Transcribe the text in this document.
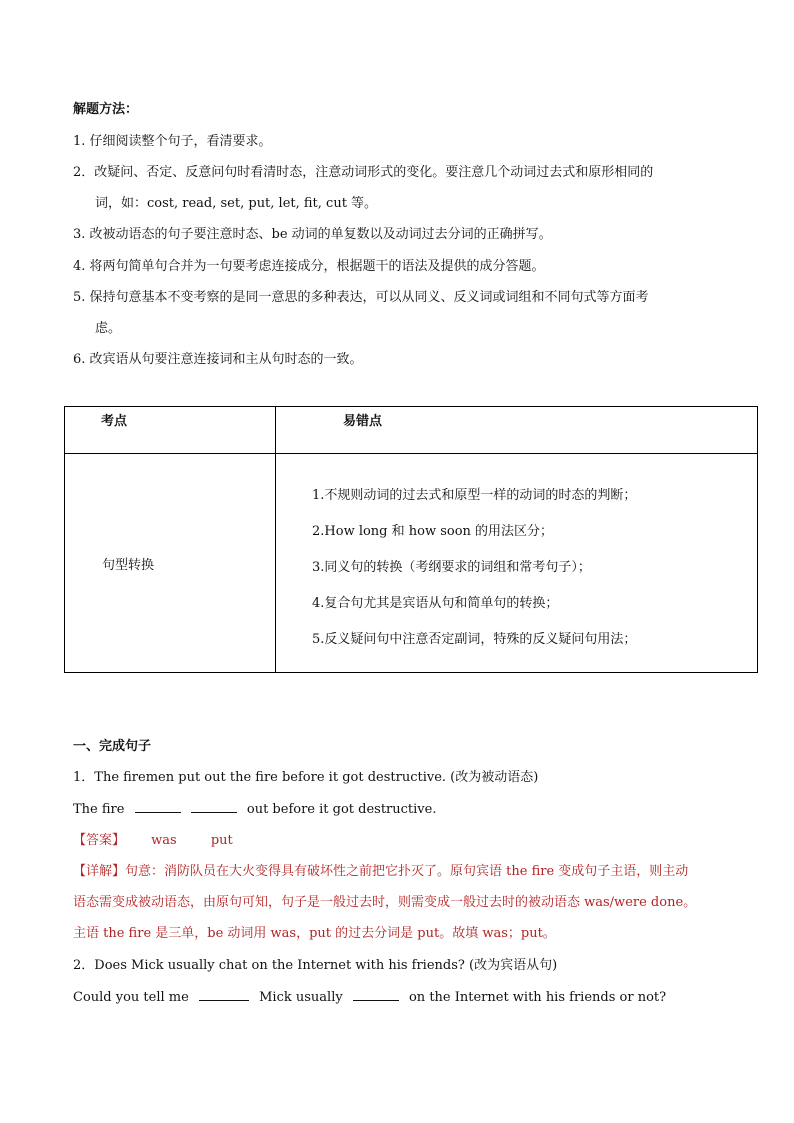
解题方法：
1. 仔细阅读整个句子，看清要求。
2．改疑问、否定、反意问句时看清时态，注意动词形式的变化。要注意几个动词过去式和原形相同的
词，如：cost, read, set, put, let, fit, cut 等。
3. 改被动语态的句子要注意时态、be 动词的单复数以及动词过去分词的正确拼写。
4. 将两句简单句合并为一句要考虑连接成分，根据题干的语法及提供的成分答题。
5. 保持句意基本不变考察的是同一意思的多种表达，可以从同义、反义词或词组和不同句式等方面考
虑。
6. 改宾语从句要注意连接词和主从句时态的一致。
考点	易错点

句型转换	1.不规则动词的过去式和原型一样的动词的时态的判断；
2.How long 和 how soon 的用法区分；
3.同义句的转换（考纲要求的词组和常考句子）；
4.复合句尤其是宾语从句和简单句的转换；
5.反义疑问句中注意否定副词，特殊的反义疑问句用法；
一、完成句子
1．The firemen put out the fire before it got destructive. (改为被动语态)
The fire	out before it got destructive.
【答案】 was	put
【详解】句意：消防队员在大火变得具有破坏性之前把它扑灭了。原句宾语 the fire 变成句子主语，则主动
语态需变成被动语态，由原句可知，句子是一般过去时，则需变成一般过去时的被动语态 was/were done。
主语 the fire 是三单，be 动词用 was，put 的过去分词是 put。故填 was；put。
2．Does Mick usually chat on the Internet with his friends? (改为宾语从句)
Could you tell me	Mick usually	on the Internet with his friends or not?
